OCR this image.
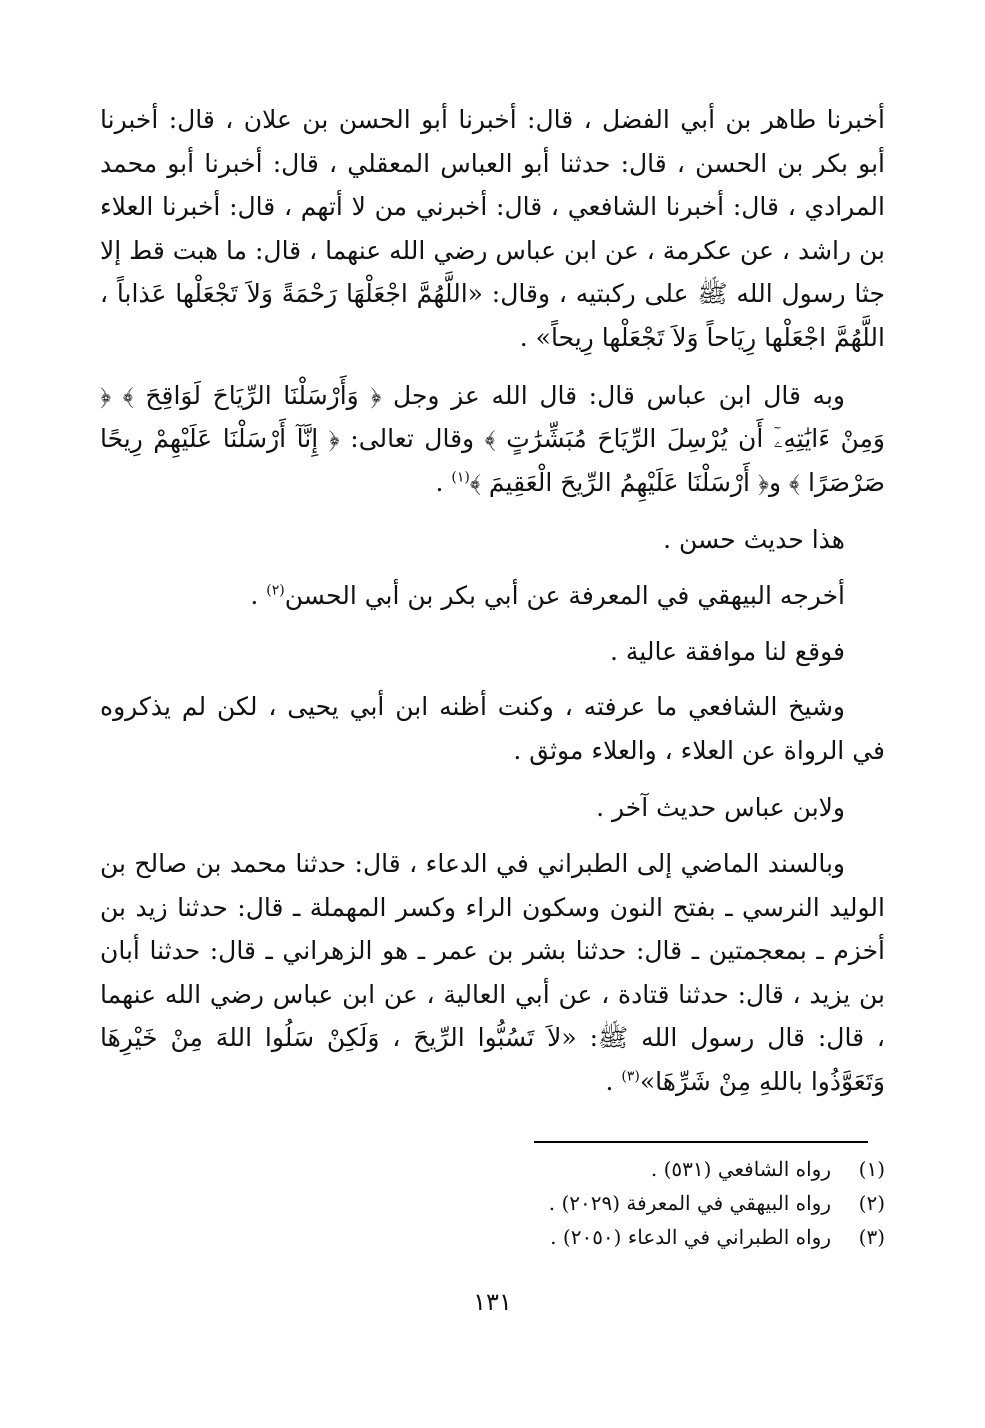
أخبرنا طاهر بن أبي الفضل ، قال: أخبرنا أبو الحسن بن علان ، قال: أخبرنا أبو بكر بن الحسن ، قال: حدثنا أبو العباس المعقلي ، قال: أخبرنا أبو محمد المرادي ، قال: أخبرنا الشافعي ، قال: أخبرني من لا أتهم ، قال: أخبرنا العلاء بن راشد ، عن عكرمة ، عن ابن عباس رضي الله عنهما ، قال: ما هبت قط إلا جثا رسول الله ﷺ على ركبتيه ، وقال: «اللَّهُمَّ اجْعَلْهَا رَحْمَةً وَلاَ تَجْعَلْها عَذاباً ، اللَّهُمَّ اجْعَلْها رِيَاحاً وَلاَ تَجْعَلْها رِيحاً» .

وبه قال ابن عباس قال: قال الله عز وجل ﴿ وَأَرْسَلْنَا الرِّيَاحَ لَوَاقِحَ ﴾ ﴿ وَمِنْ ءَايَٰتِهِۦٓ أَن يُرْسِلَ الرِّيَاحَ مُبَشِّرَٰتٍ ﴾ وقال تعالى: ﴿ إِنَّآ أَرْسَلْنَا عَلَيْهِمْ رِيحًا صَرْصَرًا ﴾ و﴿ أَرْسَلْنَا عَلَيْهِمُ الرِّيحَ الْعَقِيمَ ﴾$^{(١)}$ .

هذا حديث حسن .

أخرجه البيهقي في المعرفة عن أبي بكر بن أبي الحسن$^{(٢)}$ .

فوقع لنا موافقة عالية .

وشيخ الشافعي ما عرفته ، وكنت أظنه ابن أبي يحيى ، لكن لم يذكروه في الرواة عن العلاء ، والعلاء موثق .

ولابن عباس حديث آخر .

وبالسند الماضي إلى الطبراني في الدعاء ، قال: حدثنا محمد بن صالح بن الوليد النرسي ـ بفتح النون وسكون الراء وكسر المهملة ـ قال: حدثنا زيد بن أخزم ـ بمعجمتين ـ قال: حدثنا بشر بن عمر ـ هو الزهراني ـ قال: حدثنا أبان بن يزيد ، قال: حدثنا قتادة ، عن أبي العالية ، عن ابن عباس رضي الله عنهما ، قال: قال رسول الله ﷺ: «لاَ تَسُبُّوا الرِّيحَ ، وَلَكِنْ سَلُوا اللهَ مِنْ خَيْرِهَا وَتَعَوَّذُوا باللهِ مِنْ شَرِّهَا»$^{(٣)}$ .

(١)
رواه الشافعي (٥٣١) .
(٢)
رواه البيهقي في المعرفة (٢٠٢٩) .
(٣)
رواه الطبراني في الدعاء (٢٠٥٠) .
١٣١
